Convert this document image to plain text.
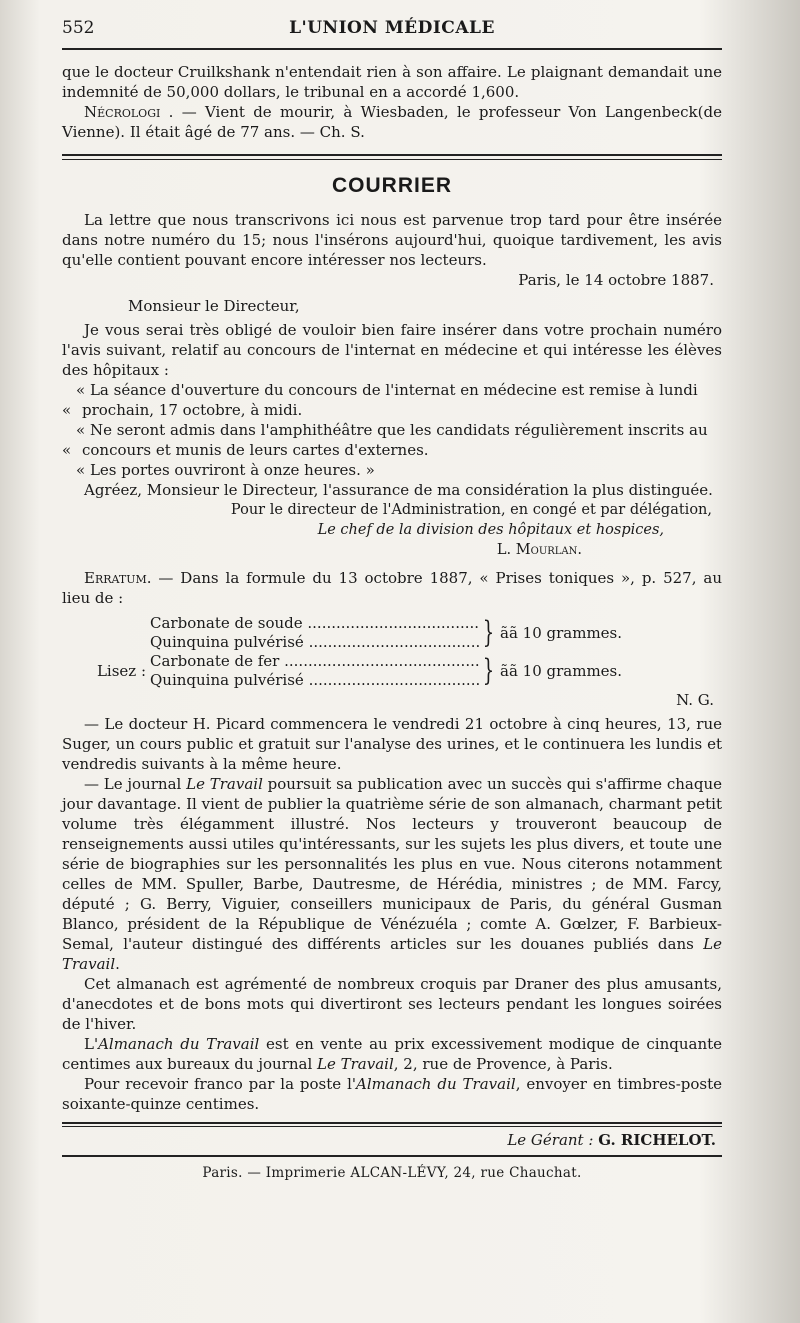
552	L'UNION MÉDICALE

que le docteur Cruilkshank n'entendait rien à son affaire. Le plaignant demandait une indemnité de 50,000 dollars, le tribunal en a accordé 1,600.

Nécrologi . — Vient de mourir, à Wiesbaden, le professeur Von Langenbeck(de Vienne). Il était âgé de 77 ans. — Ch. S.

COURRIER

La lettre que nous transcrivons ici nous est parvenue trop tard pour être insérée dans notre numéro du 15; nous l'insérons aujourd'hui, quoique tardivement, les avis qu'elle contient pouvant encore intéresser nos lecteurs.

Paris, le 14 octobre 1887.

Monsieur le Directeur,

Je vous serai très obligé de vouloir bien faire insérer dans votre prochain numéro l'avis suivant, relatif au concours de l'internat en médecine et qui intéresse les élèves des hôpitaux :

« La séance d'ouverture du concours de l'internat en médecine est remise à lundi
« prochain, 17 octobre, à midi.

« Ne seront admis dans l'amphithéâtre que les candidats régulièrement inscrits au
« concours et munis de leurs cartes d'externes.

« Les portes ouvriront à onze heures. »

Agréez, Monsieur le Directeur, l'assurance de ma considération la plus distinguée.

Pour le directeur de l'Administration, en congé et par délégation,

Le chef de la division des hôpitaux et hospices,

L. Mourlan.

Erratum. — Dans la formule du 13 octobre 1887, « Prises toniques », p. 527, au lieu de :

Carbonate de soude .....
Quinquina pulvérisé .....	} ãã 10 grammes.
Lisez :
Carbonate de fer .....
Quinquina pulvérisé .....	} ãã 10 grammes.

N. G.

— Le docteur H. Picard commencera le vendredi 21 octobre à cinq heures, 13, rue Suger, un cours public et gratuit sur l'analyse des urines, et le continuera les lundis et vendredis suivants à la même heure.

— Le journal Le Travail poursuit sa publication avec un succès qui s'affirme chaque jour davantage. Il vient de publier la quatrième série de son almanach, charmant petit volume très élégamment illustré. Nos lecteurs y trouveront beaucoup de renseignements aussi utiles qu'intéressants, sur les sujets les plus divers, et toute une série de biographies sur les personnalités les plus en vue. Nous citerons notamment celles de MM. Spuller, Barbe, Dautresme, de Hérédia, ministres ; de MM. Farcy, député ; G. Berry, Viguier, conseillers municipaux de Paris, du général Gusman Blanco, président de la République de Vénézuéla ; comte A. Gœlzer, F. Barbieux-Semal, l'auteur distingué des différents articles sur les douanes publiés dans Le Travail.

Cet almanach est agrémenté de nombreux croquis par Draner des plus amusants, d'anecdotes et de bons mots qui divertiront ses lecteurs pendant les longues soirées de l'hiver.

L'Almanach du Travail est en vente au prix excessivement modique de cinquante centimes aux bureaux du journal Le Travail, 2, rue de Provence, à Paris.

Pour recevoir franco par la poste l'Almanach du Travail, envoyer en timbres-poste soixante-quinze centimes.

Le Gérant : G. RICHELOT.

Paris. — Imprimerie ALCAN-LÉVY, 24, rue Chauchat.
